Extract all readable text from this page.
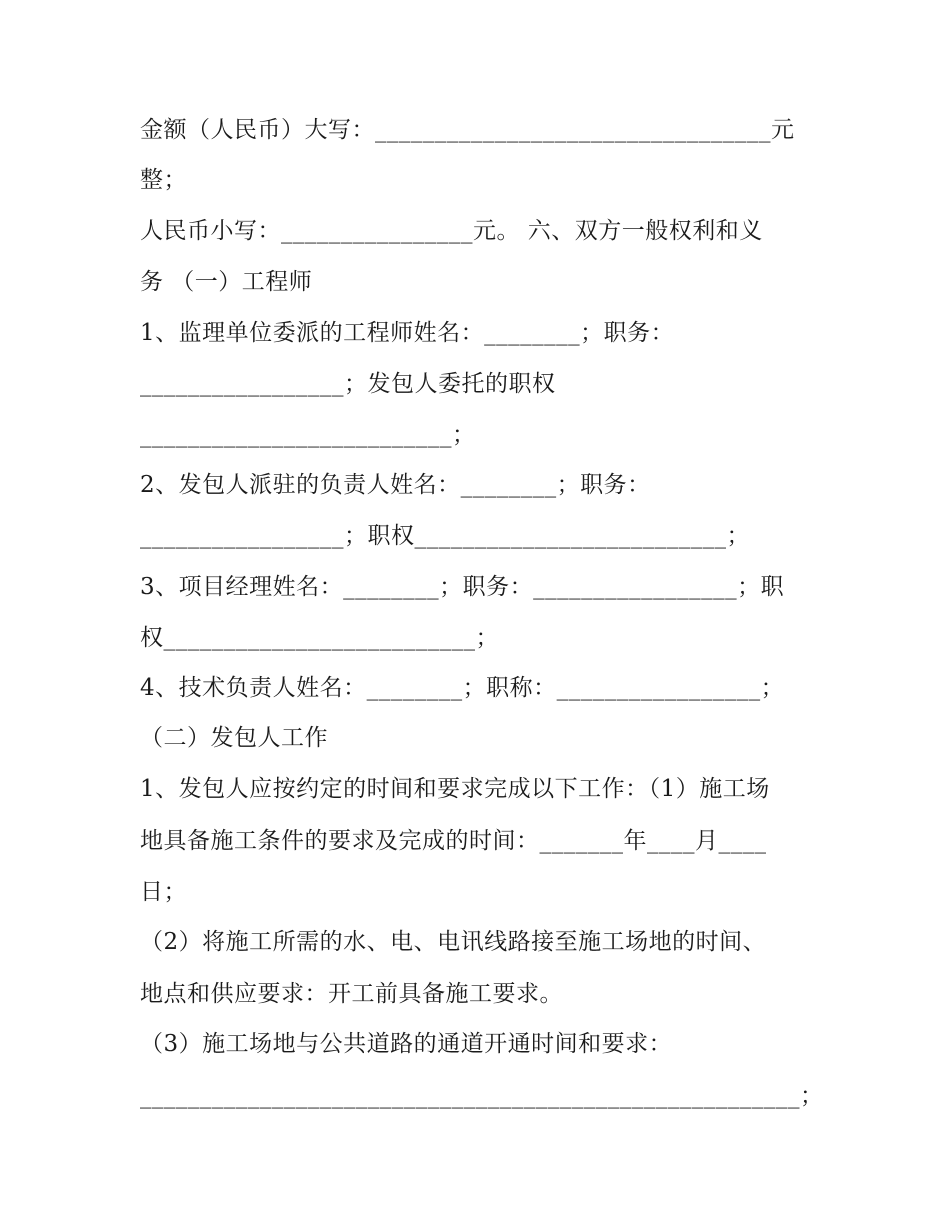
金额（人民币）大写：_________________________________元
整；
人民币小写：________________元。 六、双方一般权利和义
务 （一）工程师
1、监理单位委派的工程师姓名：________；职务：
_________________；发包人委托的职权
__________________________；
2、发包人派驻的负责人姓名：________；职务：
_________________；职权__________________________；
3、项目经理姓名：________；职务：_________________；职
权__________________________；
4、技术负责人姓名：________；职称：_________________；
（二）发包人工作
1、发包人应按约定的时间和要求完成以下工作：（1）施工场
地具备施工条件的要求及完成的时间：_______年____月____
日；
（2）将施工所需的水、电、电讯线路接至施工场地的时间、
地点和供应要求：开工前具备施工要求。
（3）施工场地与公共道路的通道开通时间和要求：
_______________________________________________________；
